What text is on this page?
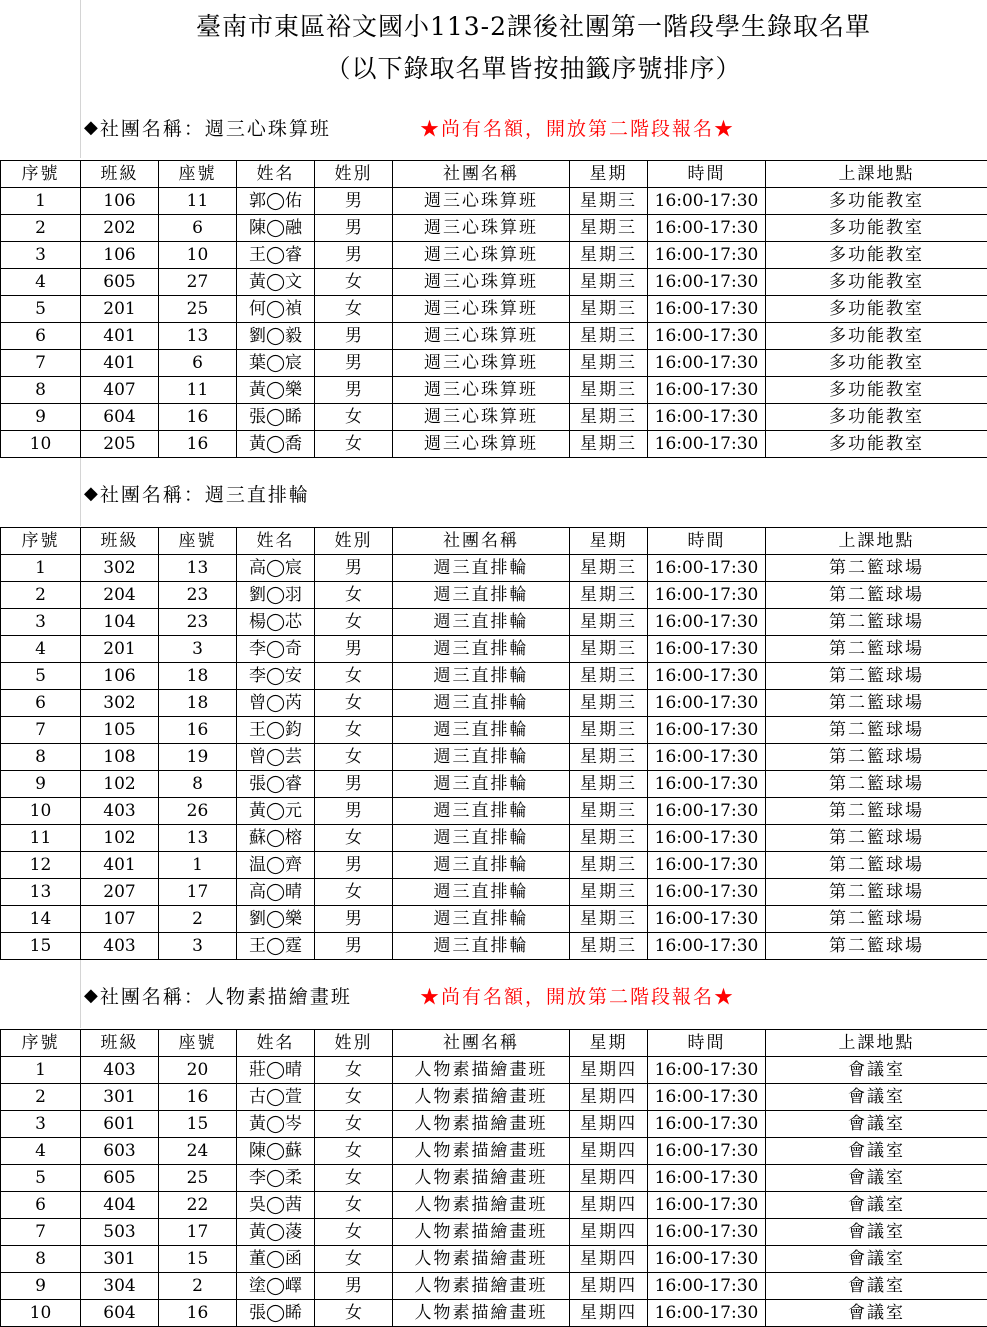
臺南市東區裕文國小113-2課後社團第一階段學生錄取名單
（以下錄取名單皆按抽籤序號排序）
◆ 社團名稱： 週三心珠算班	★尚有名額，開放第二階段報名★
序號	班級	座號	姓名	姓別	社團名稱	星期	時間	上課地點
1	106	11	郭◯佑	男	週三心珠算班	星期三	16:00-17:30	多功能教室
2	202	6	陳◯融	男	週三心珠算班	星期三	16:00-17:30	多功能教室
3	106	10	王◯睿	男	週三心珠算班	星期三	16:00-17:30	多功能教室
4	605	27	黃◯文	女	週三心珠算班	星期三	16:00-17:30	多功能教室
5	201	25	何◯禎	女	週三心珠算班	星期三	16:00-17:30	多功能教室
6	401	13	劉◯毅	男	週三心珠算班	星期三	16:00-17:30	多功能教室
7	401	6	葉◯宸	男	週三心珠算班	星期三	16:00-17:30	多功能教室
8	407	11	黃◯樂	男	週三心珠算班	星期三	16:00-17:30	多功能教室
9	604	16	張◯睎	女	週三心珠算班	星期三	16:00-17:30	多功能教室
10	205	16	黃◯喬	女	週三心珠算班	星期三	16:00-17:30	多功能教室
◆ 社團名稱： 週三直排輪
序號	班級	座號	姓名	姓別	社團名稱	星期	時間	上課地點
1	302	13	高◯宸	男	週三直排輪	星期三	16:00-17:30	第二籃球場
2	204	23	劉◯羽	女	週三直排輪	星期三	16:00-17:30	第二籃球場
3	104	23	楊◯芯	女	週三直排輪	星期三	16:00-17:30	第二籃球場
4	201	3	李◯奇	男	週三直排輪	星期三	16:00-17:30	第二籃球場
5	106	18	李◯安	女	週三直排輪	星期三	16:00-17:30	第二籃球場
6	302	18	曾◯芮	女	週三直排輪	星期三	16:00-17:30	第二籃球場
7	105	16	王◯鈞	女	週三直排輪	星期三	16:00-17:30	第二籃球場
8	108	19	曾◯芸	女	週三直排輪	星期三	16:00-17:30	第二籃球場
9	102	8	張◯睿	男	週三直排輪	星期三	16:00-17:30	第二籃球場
10	403	26	黃◯元	男	週三直排輪	星期三	16:00-17:30	第二籃球場
11	102	13	蘇◯榕	女	週三直排輪	星期三	16:00-17:30	第二籃球場
12	401	1	温◯齊	男	週三直排輪	星期三	16:00-17:30	第二籃球場
13	207	17	高◯晴	女	週三直排輪	星期三	16:00-17:30	第二籃球場
14	107	2	劉◯樂	男	週三直排輪	星期三	16:00-17:30	第二籃球場
15	403	3	王◯霆	男	週三直排輪	星期三	16:00-17:30	第二籃球場
◆ 社團名稱： 人物素描繪畫班	★尚有名額，開放第二階段報名★
序號	班級	座號	姓名	姓別	社團名稱	星期	時間	上課地點
1	403	20	莊◯晴	女	人物素描繪畫班	星期四	16:00-17:30	會議室
2	301	16	古◯萱	女	人物素描繪畫班	星期四	16:00-17:30	會議室
3	601	15	黃◯岑	女	人物素描繪畫班	星期四	16:00-17:30	會議室
4	603	24	陳◯蘇	女	人物素描繪畫班	星期四	16:00-17:30	會議室
5	605	25	李◯柔	女	人物素描繪畫班	星期四	16:00-17:30	會議室
6	404	22	吳◯茜	女	人物素描繪畫班	星期四	16:00-17:30	會議室
7	503	17	黃◯蓤	女	人物素描繪畫班	星期四	16:00-17:30	會議室
8	301	15	董◯函	女	人物素描繪畫班	星期四	16:00-17:30	會議室
9	304	2	塗◯嶧	男	人物素描繪畫班	星期四	16:00-17:30	會議室
10	604	16	張◯睎	女	人物素描繪畫班	星期四	16:00-17:30	會議室
